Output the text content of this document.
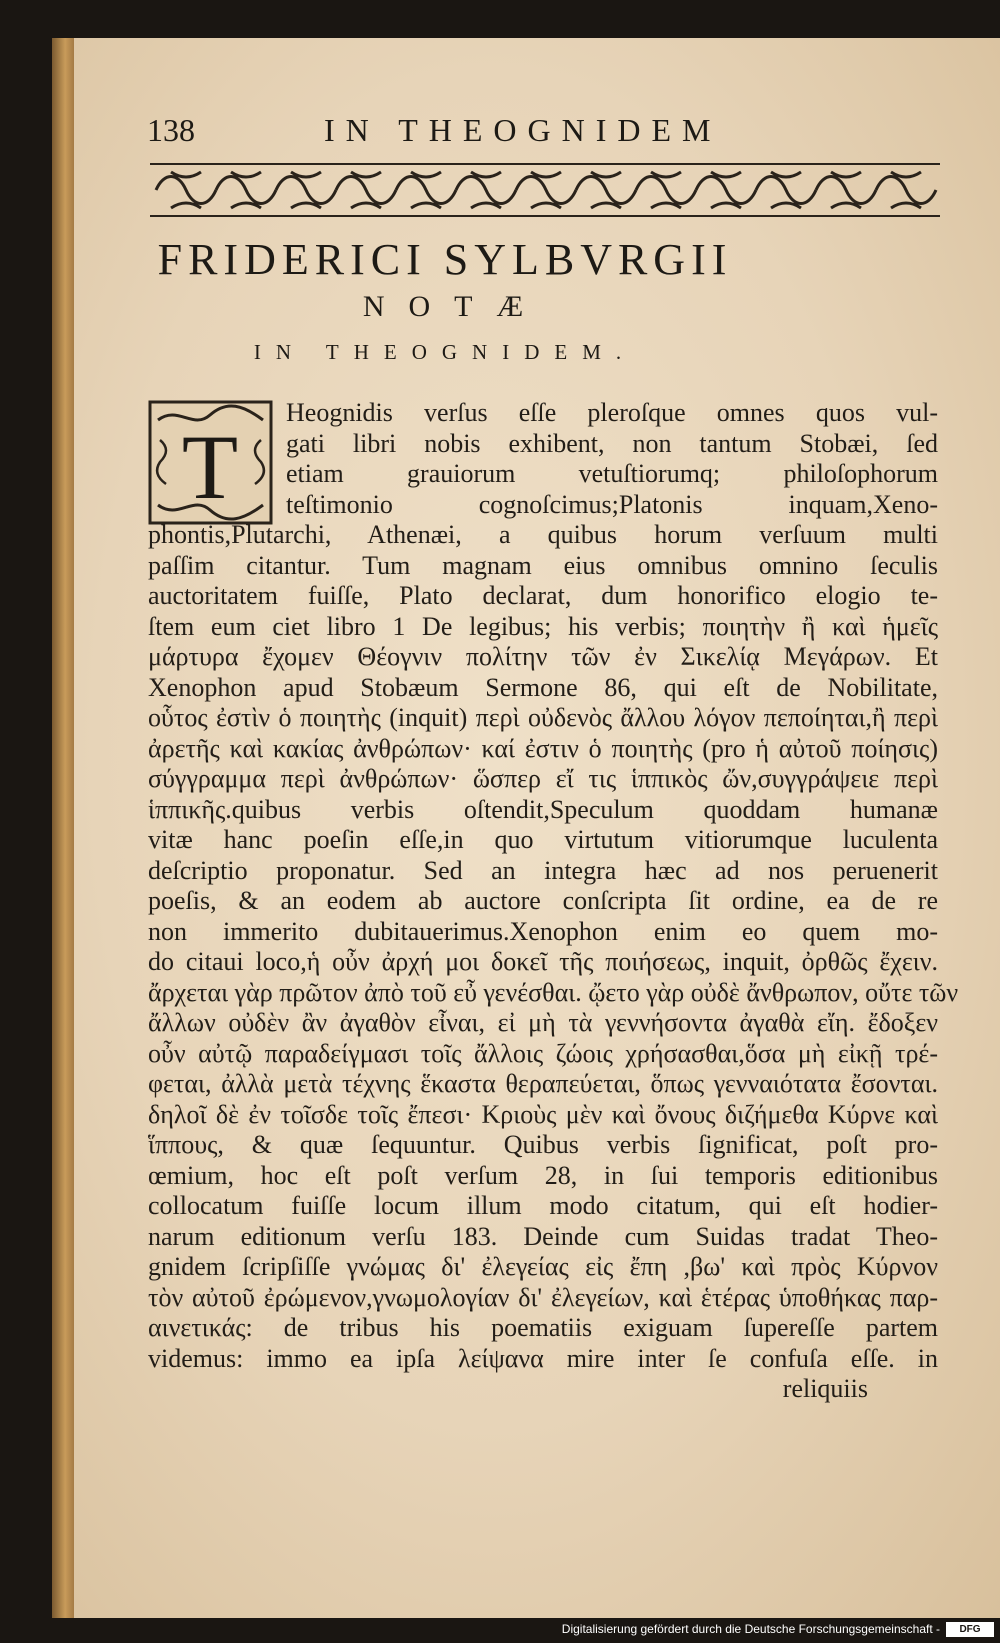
138	IN THEOGNIDEM
FRIDERICI SYLBVRGII
NOTÆ
IN THEOGNIDEM.
T
Heognidis verſus eſſe pleroſque omnes quos vul-
gati libri nobis exhibent, non tantum Stobæi, ſed
etiam grauiorum vetuſtiorumq; philoſophorum
teſtimonio cognoſcimus;Platonis inquam,Xeno-
phontis,Plutarchi, Athenæi, a quibus horum verſuum multi
paſſim citantur. Tum magnam eius omnibus omnino ſeculis
auctoritatem fuiſſe, Plato declarat, dum honorifico elogio te-
ſtem eum ciet libro 1 De legibus; his verbis; ποιητὴν ἢ καὶ ἡμεῖς
μάρτυρα ἔχομεν Θέογνιν πολίτην τῶν ἐν Σικελίᾳ Μεγάρων. Et
Xenophon apud Stobæum Sermone 86, qui eſt de Nobilitate,
οὗτος ἐστὶν ὁ ποιητὴς (inquit) περὶ οὐδενὸς ἄλλου λόγον πεποίηται,ἢ περὶ
ἀρετῆς καὶ κακίας ἀνθρώπων· καί ἐστιν ὁ ποιητὴς (pro ἡ αὐτοῦ ποίησις)
σύγγραμμα περὶ ἀνθρώπων· ὥσπερ εἴ τις ἱππικὸς ὤν,συγγράψειε περὶ
ἱππικῆς.quibus verbis oſtendit,Speculum quoddam humanæ
vitæ hanc poeſin eſſe,in quo virtutum vitiorumque luculenta
deſcriptio proponatur. Sed an integra hæc ad nos peruenerit
poeſis, & an eodem ab auctore conſcripta ſit ordine, ea de re
non immerito dubitauerimus.Xenophon enim eo quem mo-
do citaui loco,ἡ οὖν ἀρχή μοι δοκεῖ τῆς ποιήσεως, inquit, ὀρθῶς ἔχειν.
ἄρχεται γὰρ πρῶτον ἀπὸ τοῦ εὖ γενέσθαι. ᾤετο γὰρ οὐδὲ ἄνθρωπον, οὔτε τῶν
ἄλλων οὐδὲν ἂν ἀγαθὸν εἶναι, εἰ μὴ τὰ γεννήσοντα ἀγαθὰ εἴη. ἔδοξεν
οὖν αὐτῷ παραδείγμασι τοῖς ἄλλοις ζώοις χρήσασθαι,ὅσα μὴ εἰκῇ τρέ-
φεται, ἀλλὰ μετὰ τέχνης ἕκαστα θεραπεύεται, ὅπως γενναιότατα ἔσονται.
δηλοῖ δὲ ἐν τοῖσδε τοῖς ἔπεσι· Κριοὺς μὲν καὶ ὄνους διζήμεθα Κύρνε καὶ
ἵππους, & quæ ſequuntur. Quibus verbis ſignificat, poſt pro-
œmium, hoc eſt poſt verſum 28, in ſui temporis editionibus
collocatum fuiſſe locum illum modo citatum, qui eſt hodier-
narum editionum verſu 183. Deinde cum Suidas tradat Theo-
gnidem ſcripſiſſe γνώμας δι' ἐλεγείας εἰς ἔπη ,βω' καὶ πρὸς Κύρνον
τὸν αὐτοῦ ἐρώμενον,γνωμολογίαν δι' ἐλεγείων, καὶ ἑτέρας ὑποθήκας παρ-
αινετικάς: de tribus his poematiis exiguam ſupereſſe partem
videmus: immo ea ipſa λείψανα mire inter ſe confuſa eſſe. in
reliquiis
Digitalisierung gefördert durch die Deutsche Forschungsgemeinschaft -	DFG
